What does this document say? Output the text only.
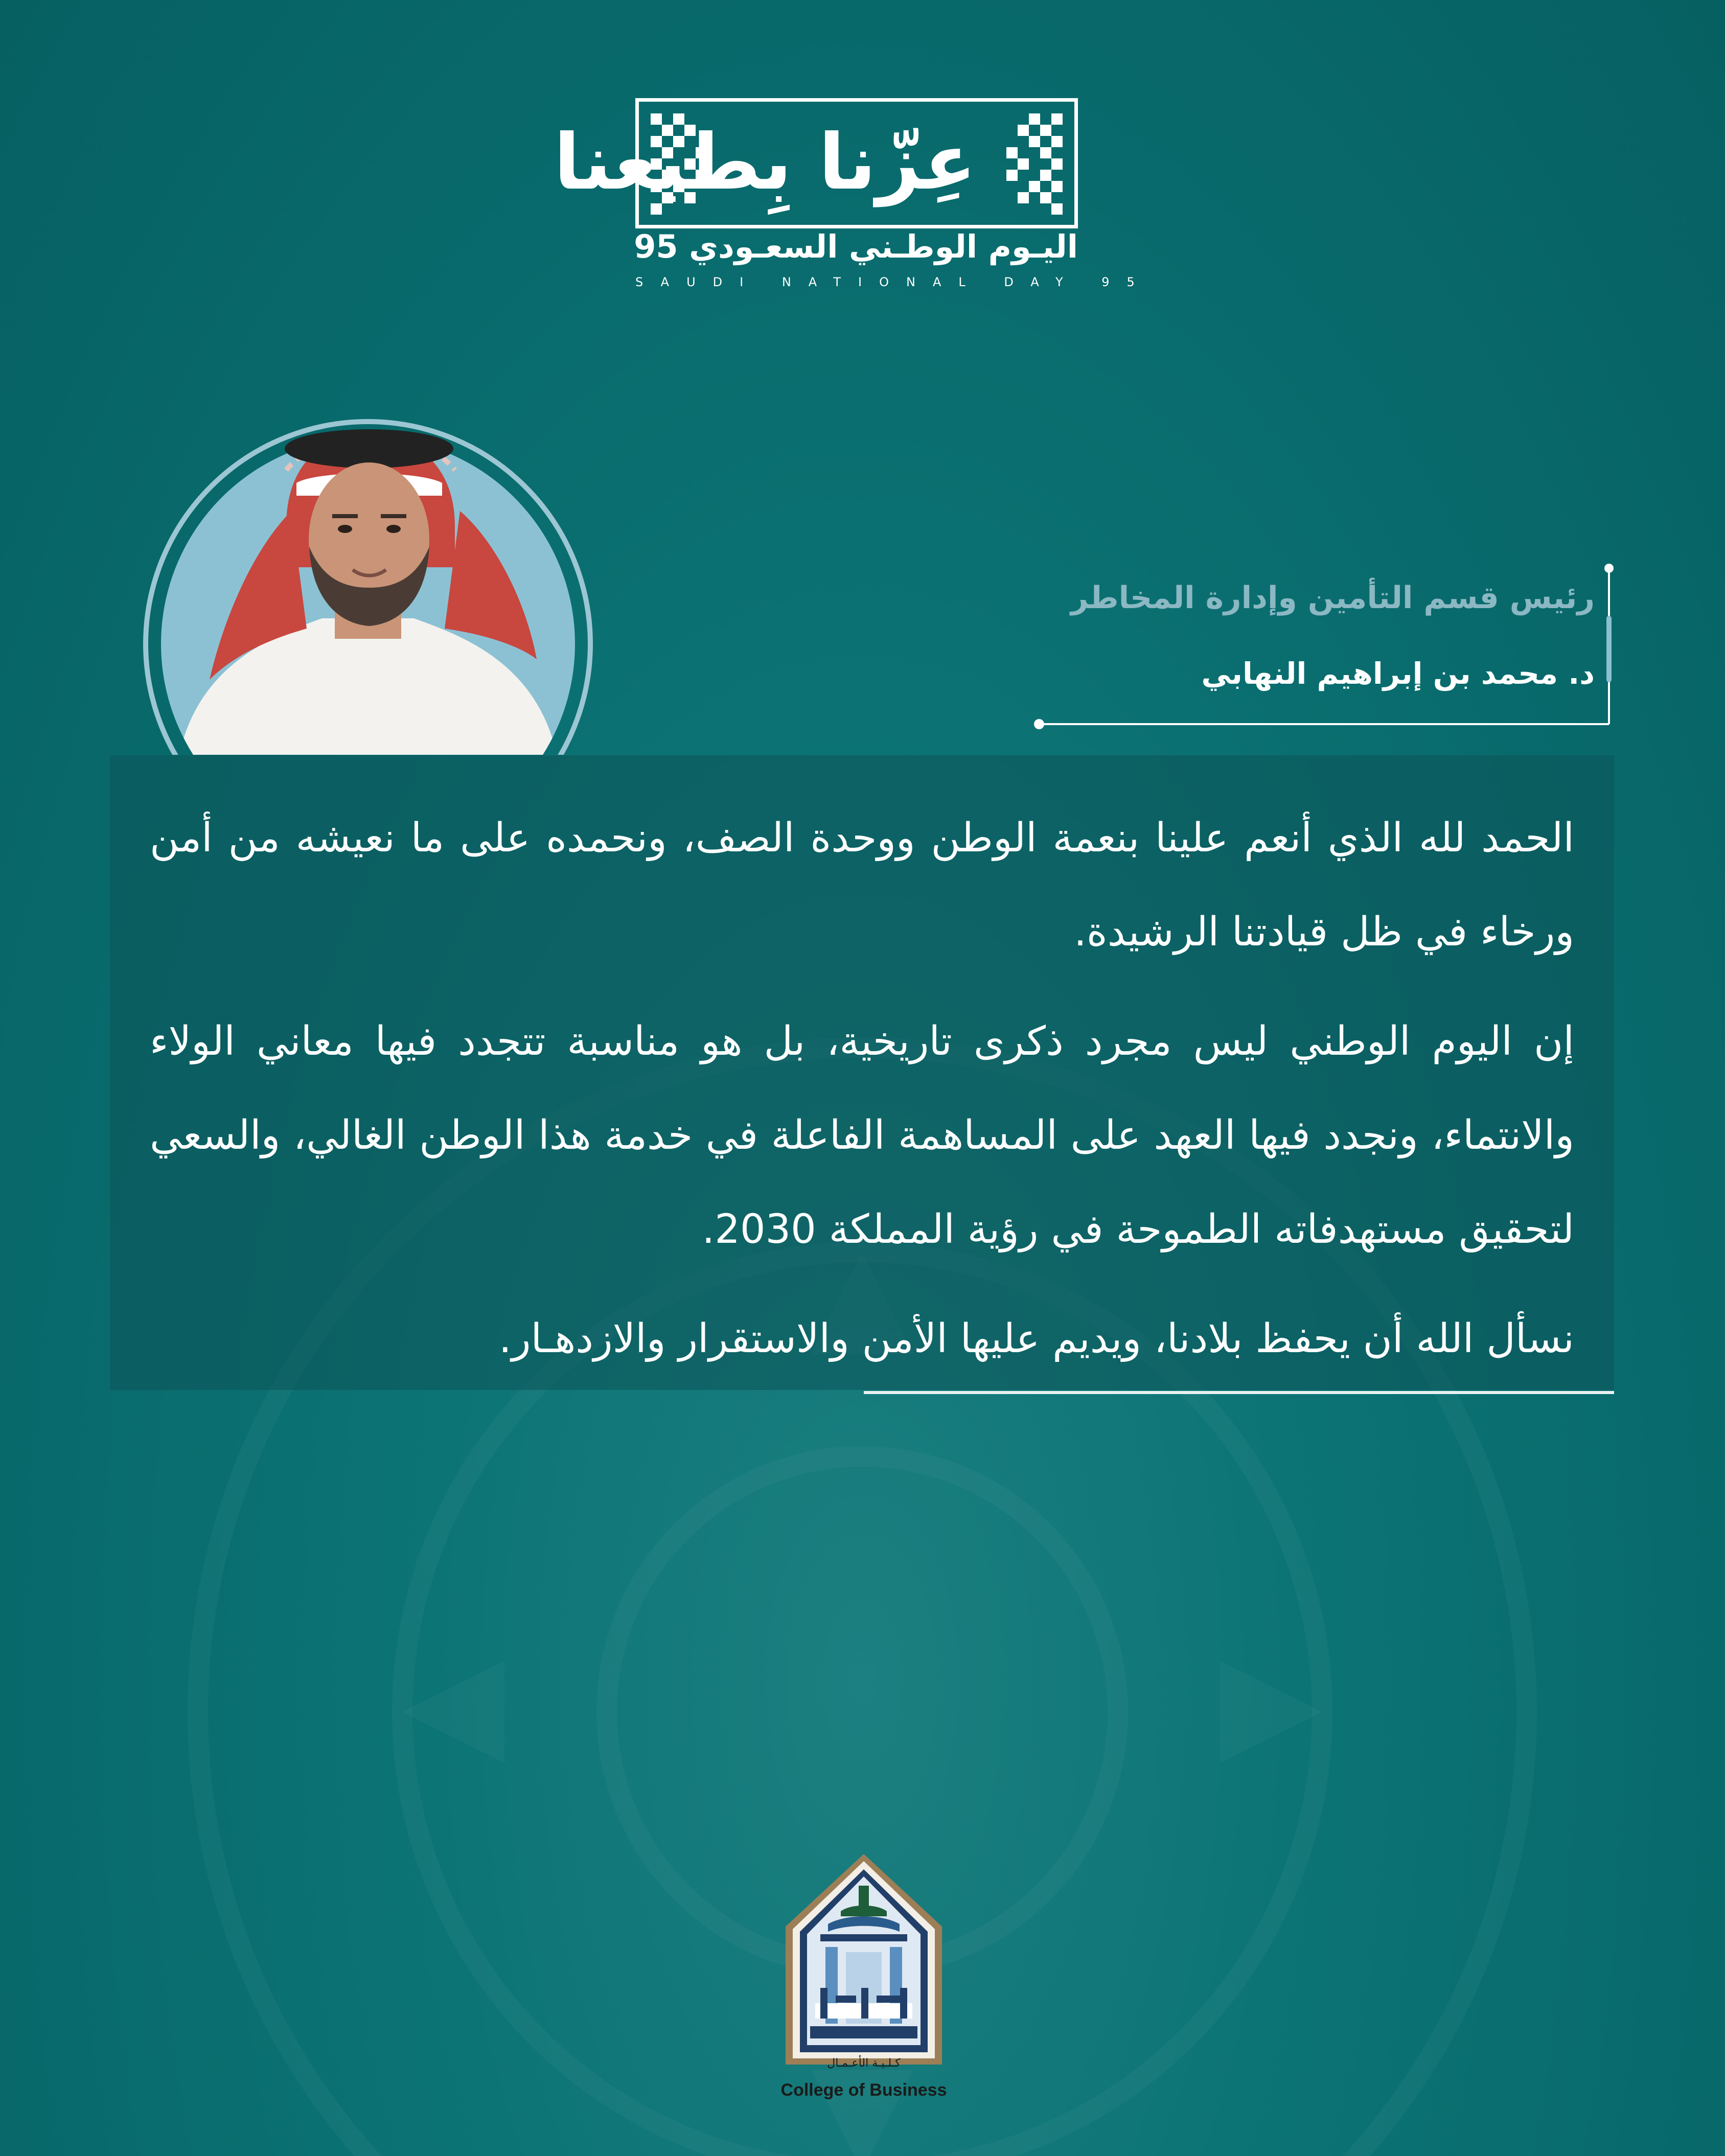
عِزّنا بِطبعنا
اليـوم الوطـني السعـودي 95
SAUDI NATIONAL DAY 95
رئيس قسم التأمين وإدارة المخاطر
د. محمد بن إبراهيم النهابي

الحمد لله الذي أنعم علينا بنعمة الوطن ووحدة الصف، ونحمده على ما نعيشه من أمن ورخاء في ظل قيادتنا الرشيدة.

إن اليوم الوطني ليس مجرد ذكرى تاريخية، بل هو مناسبة تتجدد فيها معاني الولاء والانتماء، ونجدد فيها العهد على المساهمة الفاعلة في خدمة هذا الوطن الغالي، والسعي لتحقيق مستهدفاته الطموحة في رؤية المملكة 2030.

نسأل الله أن يحفظ بلادنا، ويديم عليها الأمن والاستقرار والازدهـار.

كـلـيـة الأعـمـال
College of Business
